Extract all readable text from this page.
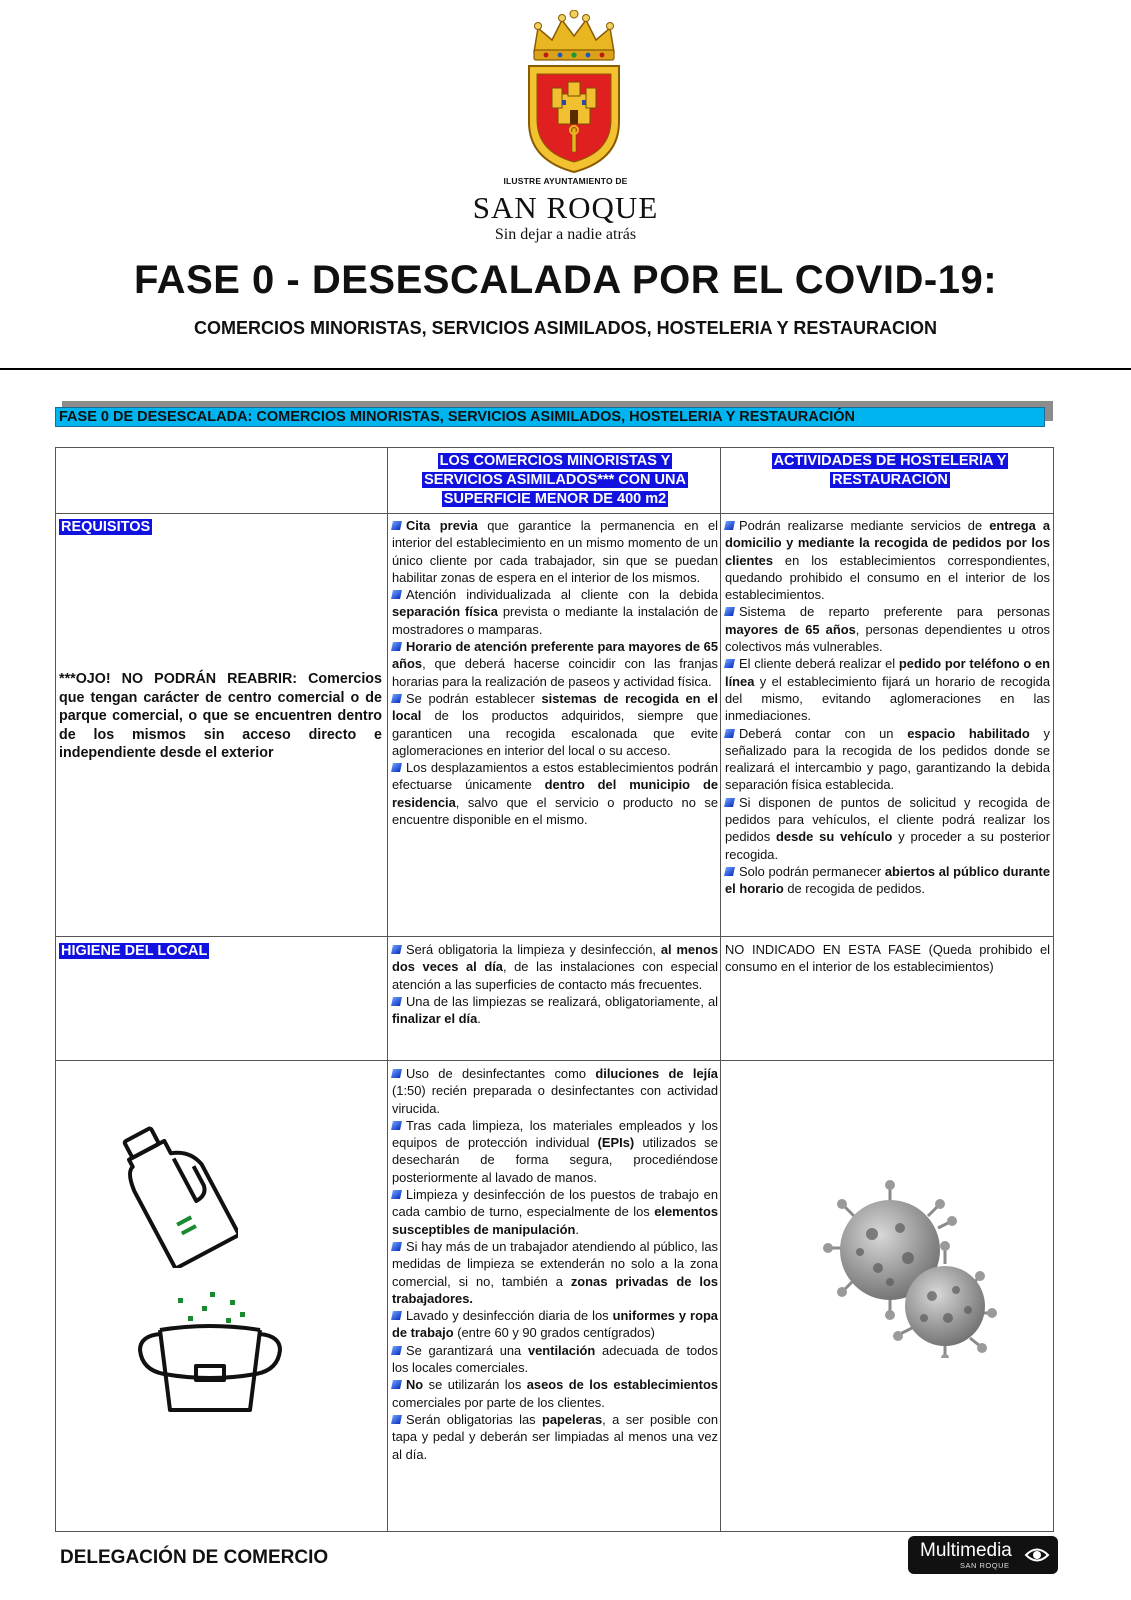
ILUSTRE AYUNTAMIENTO DE
SAN ROQUE
Sin dejar a nadie atrás
FASE 0 - DESESCALADA POR EL COVID-19:
COMERCIOS MINORISTAS, SERVICIOS ASIMILADOS, HOSTELERIA Y RESTAURACION
FASE 0 DE DESESCALADA: COMERCIOS MINORISTAS, SERVICIOS ASIMILADOS, HOSTELERIA Y RESTAURACIÓN
LOS COMERCIOS MINORISTAS Y SERVICIOS ASIMILADOS*** CON UNA SUPERFICIE MENOR DE 400 m2
ACTIVIDADES DE HOSTELERÍA Y RESTAURACIÓN
REQUISITOS
***OJO! NO PODRÁN REABRIR: Comercios que tengan carácter de centro comercial o de parque comercial, o que se encuentren dentro de los mismos sin acceso directo e independiente desde el exterior

Cita previa que garantice la permanencia en el interior del establecimiento en un mismo momento de un único cliente por cada trabajador, sin que se puedan habilitar zonas de espera en el interior de los mismos.

Atención individualizada al cliente con la debida separación física prevista o mediante la instalación de mostradores o mamparas.

Horario de atención preferente para mayores de 65 años, que deberá hacerse coincidir con las franjas horarias para la realización de paseos y actividad física.

Se podrán establecer sistemas de recogida en el local de los productos adquiridos, siempre que garanticen una recogida escalonada que evite aglomeraciones en interior del local o su acceso.

Los desplazamientos a estos establecimientos podrán efectuarse únicamente dentro del municipio de residencia, salvo que el servicio o producto no se encuentre disponible en el mismo.

Podrán realizarse mediante servicios de entrega a domicilio y mediante la recogida de pedidos por los clientes en los establecimientos correspondientes, quedando prohibido el consumo en el interior de los establecimientos.

Sistema de reparto preferente para personas mayores de 65 años, personas dependientes u otros colectivos más vulnerables.

El cliente deberá realizar el pedido por teléfono o en línea y el establecimiento fijará un horario de recogida del mismo, evitando aglomeraciones en las inmediaciones.

Deberá contar con un espacio habilitado y señalizado para la recogida de los pedidos donde se realizará el intercambio y pago, garantizando la debida separación física establecida.

Si disponen de puntos de solicitud y recogida de pedidos para vehículos, el cliente podrá realizar los pedidos desde su vehículo y proceder a su posterior recogida.

Solo podrán permanecer abiertos al público durante el horario de recogida de pedidos.

HIGIENE DEL LOCAL	Será obligatoria la limpieza y desinfección, al menos dos veces al día, de las instalaciones con especial atención a las superficies de contacto más frecuentes.

Una de las limpiezas se realizará, obligatoriamente, al finalizar el día.

NO INDICADO EN ESTA FASE (Queda prohibido el consumo en el interior de los establecimientos)

Uso de desinfectantes como diluciones de lejía (1:50) recién preparada o desinfectantes con actividad virucida.

Tras cada limpieza, los materiales empleados y los equipos de protección individual (EPIs) utilizados se desecharán de forma segura, procediéndose posteriormente al lavado de manos.

Limpieza y desinfección de los puestos de trabajo en cada cambio de turno, especialmente de los elementos susceptibles de manipulación.

Si hay más de un trabajador atendiendo al público, las medidas de limpieza se extenderán no solo a la zona comercial, si no, también a zonas privadas de los trabajadores.

Lavado y desinfección diaria de los uniformes y ropa de trabajo (entre 60 y 90 grados centígrados)

Se garantizará una ventilación adecuada de todos los locales comerciales.

No se utilizarán los aseos de los establecimientos comerciales por parte de los clientes.

Serán obligatorias las papeleras, a ser posible con tapa y pedal y deberán ser limpiadas al menos una vez al día.

DELEGACIÓN DE COMERCIO	Multimedia
SAN ROQUE
